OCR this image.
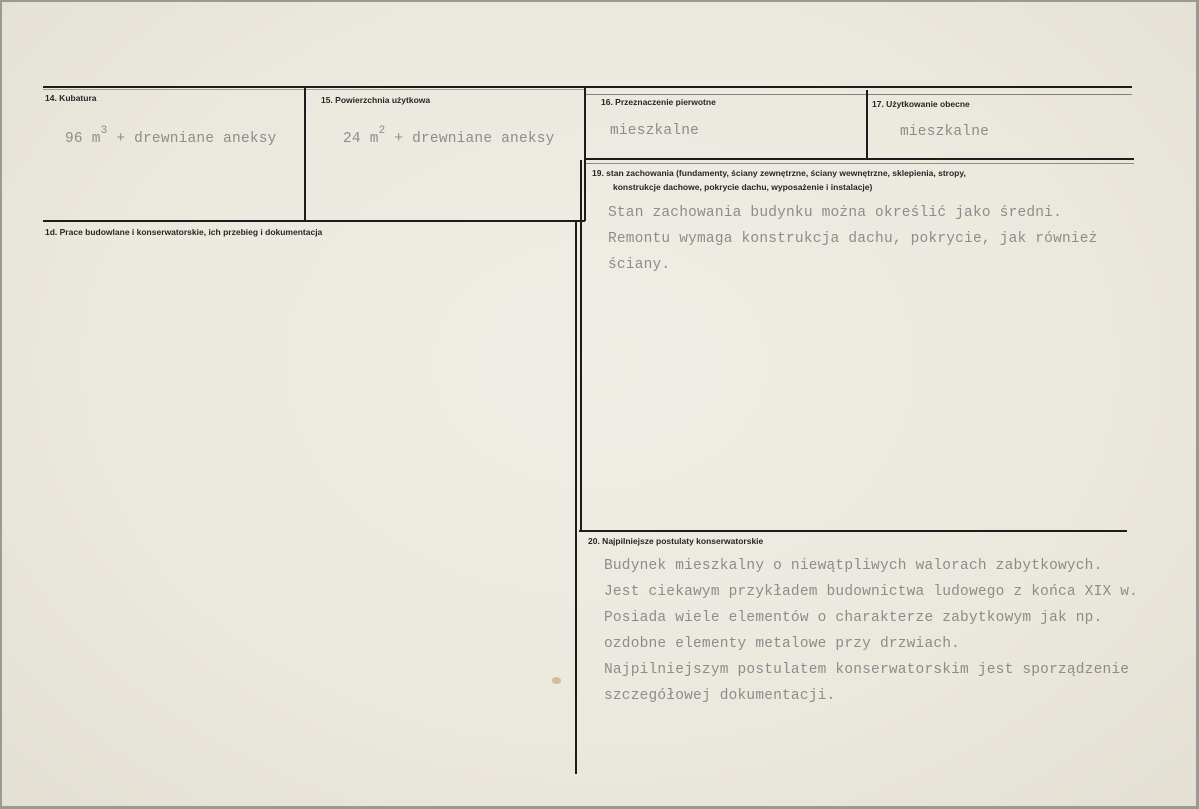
14. Kubatura
96 $m^3$ + drewniane aneksy
15. Powierzchnia użytkowa
24 $m^2$ + drewniane aneksy
16. Przeznaczenie pierwotne
mieszkalne
17. Użytkowanie obecne
mieszkalne
1d. Prace budowlane i konserwatorskie, ich przebieg i dokumentacja
19. stan zachowania (fundamenty, ściany zewnętrzne, ściany wewnętrzne, sklepienia, stropy,
konstrukcje dachowe, pokrycie dachu, wyposażenie i instalacje)
Stan zachowania budynku można określić jako średni.
Remontu wymaga konstrukcja dachu, pokrycie, jak również
ściany.
20. Najpilniejsze postulaty konserwatorskie
Budynek mieszkalny o niewątpliwych walorach zabytkowych.
Jest ciekawym przykładem budownictwa ludowego z końca XIX w.
Posiada wiele elementów o charakterze zabytkowym jak np.
ozdobne elementy metalowe przy drzwiach.
Najpilniejszym postulatem konserwatorskim jest sporządzenie
szczegółowej dokumentacji.
